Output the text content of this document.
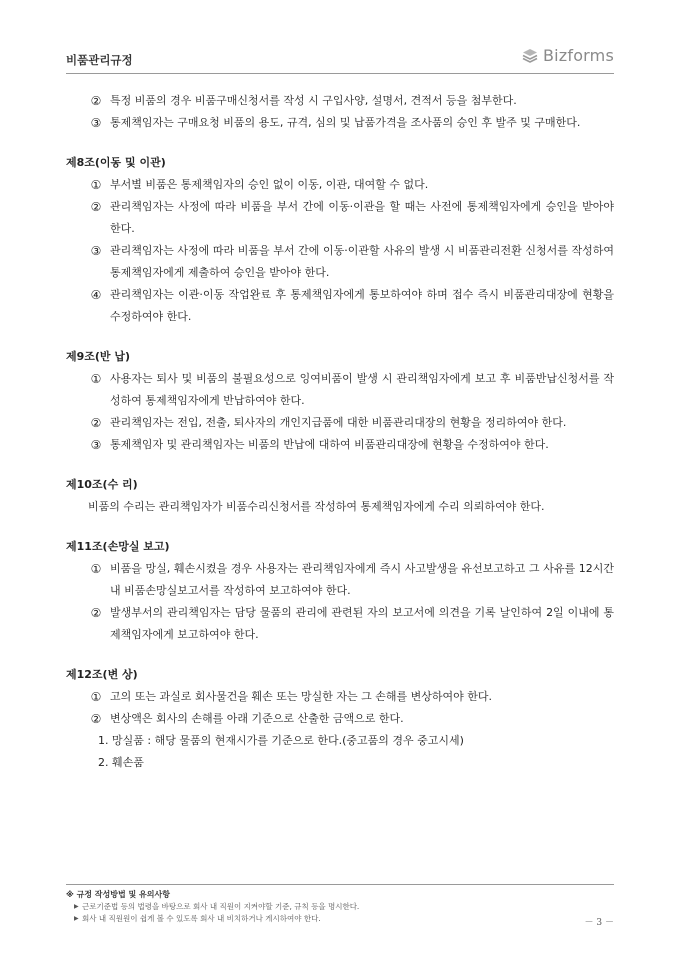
비품관리규정	Bizforms
② 특정 비품의 경우 비품구매신청서를 작성 시 구입사양, 설명서, 견적서 등을 첨부한다.
③ 통제책임자는 구매요청 비품의 용도, 규격, 심의 및 납품가격을 조사품의 승인 후 발주 및 구매한다.
제8조(이동 및 이관)
① 부서별 비품은 통제책임자의 승인 없이 이동, 이관, 대여할 수 없다.
② 관리책임자는 사정에 따라 비품을 부서 간에 이동·이관을 할 때는 사전에 통제책임자에게 승인을 받아야 한다.
③ 관리책임자는 사정에 따라 비품을 부서 간에 이동·이관할 사유의 발생 시 비품관리전환 신청서를 작성하여 통제책임자에게 제출하여 승인을 받아야 한다.
④ 관리책임자는 이관·이동 작업완료 후 통제책임자에게 통보하여야 하며 접수 즉시 비품관리대장에 현황을 수정하여야 한다.
제9조(반 납)
① 사용자는 퇴사 및 비품의 불필요성으로 잉여비품이 발생 시 관리책임자에게 보고 후 비품반납신청서를 작성하여 통제책임자에게 반납하여야 한다.
② 관리책임자는 전입, 전출, 퇴사자의 개인지급품에 대한 비품관리대장의 현황을 정리하여야 한다.
③ 통제책임자 및 관리책임자는 비품의 반납에 대하여 비품관리대장에 현황을 수정하여야 한다.
제10조(수 리)
비품의 수리는 관리책임자가 비품수리신청서를 작성하여 통제책임자에게 수리 의뢰하여야 한다.
제11조(손망실 보고)
① 비품을 망실, 훼손시켰을 경우 사용자는 관리책임자에게 즉시 사고발생을 유선보고하고 그 사유를 12시간 내 비품손망실보고서를 작성하여 보고하여야 한다.
② 발생부서의 관리책임자는 담당 물품의 관리에 관련된 자의 보고서에 의견을 기록 날인하여 2일 이내에 통제책임자에게 보고하여야 한다.
제12조(변 상)
① 고의 또는 과실로 회사물건을 훼손 또는 망실한 자는 그 손해를 변상하여야 한다.
② 변상액은 회사의 손해를 아래 기준으로 산출한 금액으로 한다.
1. 망실품 : 해당 물품의 현재시가를 기준으로 한다.(중고품의 경우 중고시세)
2. 훼손품
※ 규정 작성방법 및 유의사항
▶ 근로기준법 등의 법령을 바탕으로 회사 내 직원이 지켜야할 기준, 규칙 등을 명시한다.
▶ 회사 내 직원원이 쉽게 볼 수 있도록 회사 내 비치하거나 게시하여야 한다.	－ 3 －
